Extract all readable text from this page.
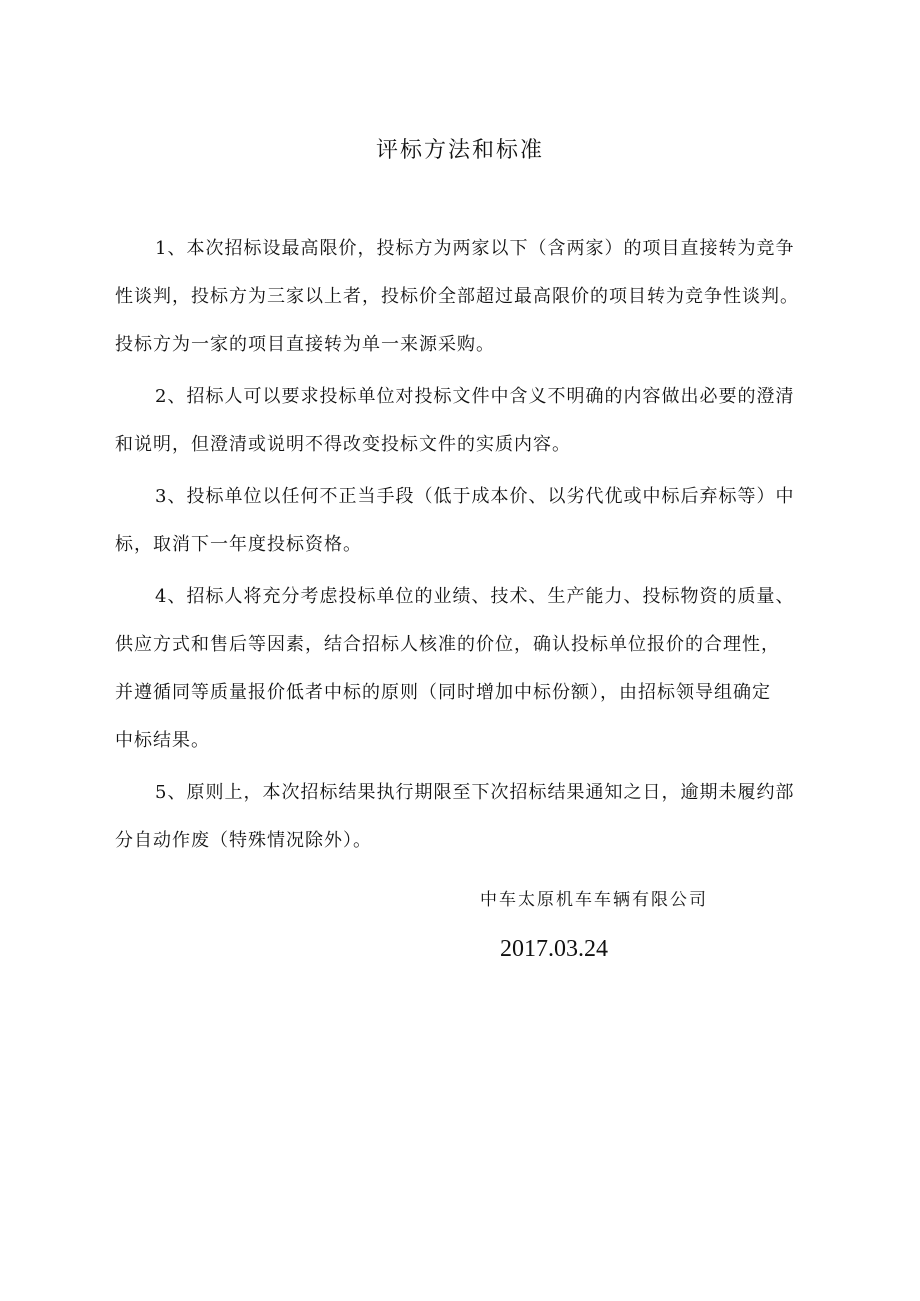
评标方法和标准
1、本次招标设最高限价，投标方为两家以下（含两家）的项目直接转为竞争
性谈判，投标方为三家以上者，投标价全部超过最高限价的项目转为竞争性谈判。
投标方为一家的项目直接转为单一来源采购。
2、招标人可以要求投标单位对投标文件中含义不明确的内容做出必要的澄清
和说明，但澄清或说明不得改变投标文件的实质内容。
3、投标单位以任何不正当手段（低于成本价、以劣代优或中标后弃标等）中
标，取消下一年度投标资格。
4、招标人将充分考虑投标单位的业绩、技术、生产能力、投标物资的质量、
供应方式和售后等因素，结合招标人核准的价位，确认投标单位报价的合理性，
并遵循同等质量报价低者中标的原则（同时增加中标份额），由招标领导组确定
中标结果。
5、原则上，本次招标结果执行期限至下次招标结果通知之日，逾期未履约部
分自动作废（特殊情况除外）。
中车太原机车车辆有限公司
2017.03.24
